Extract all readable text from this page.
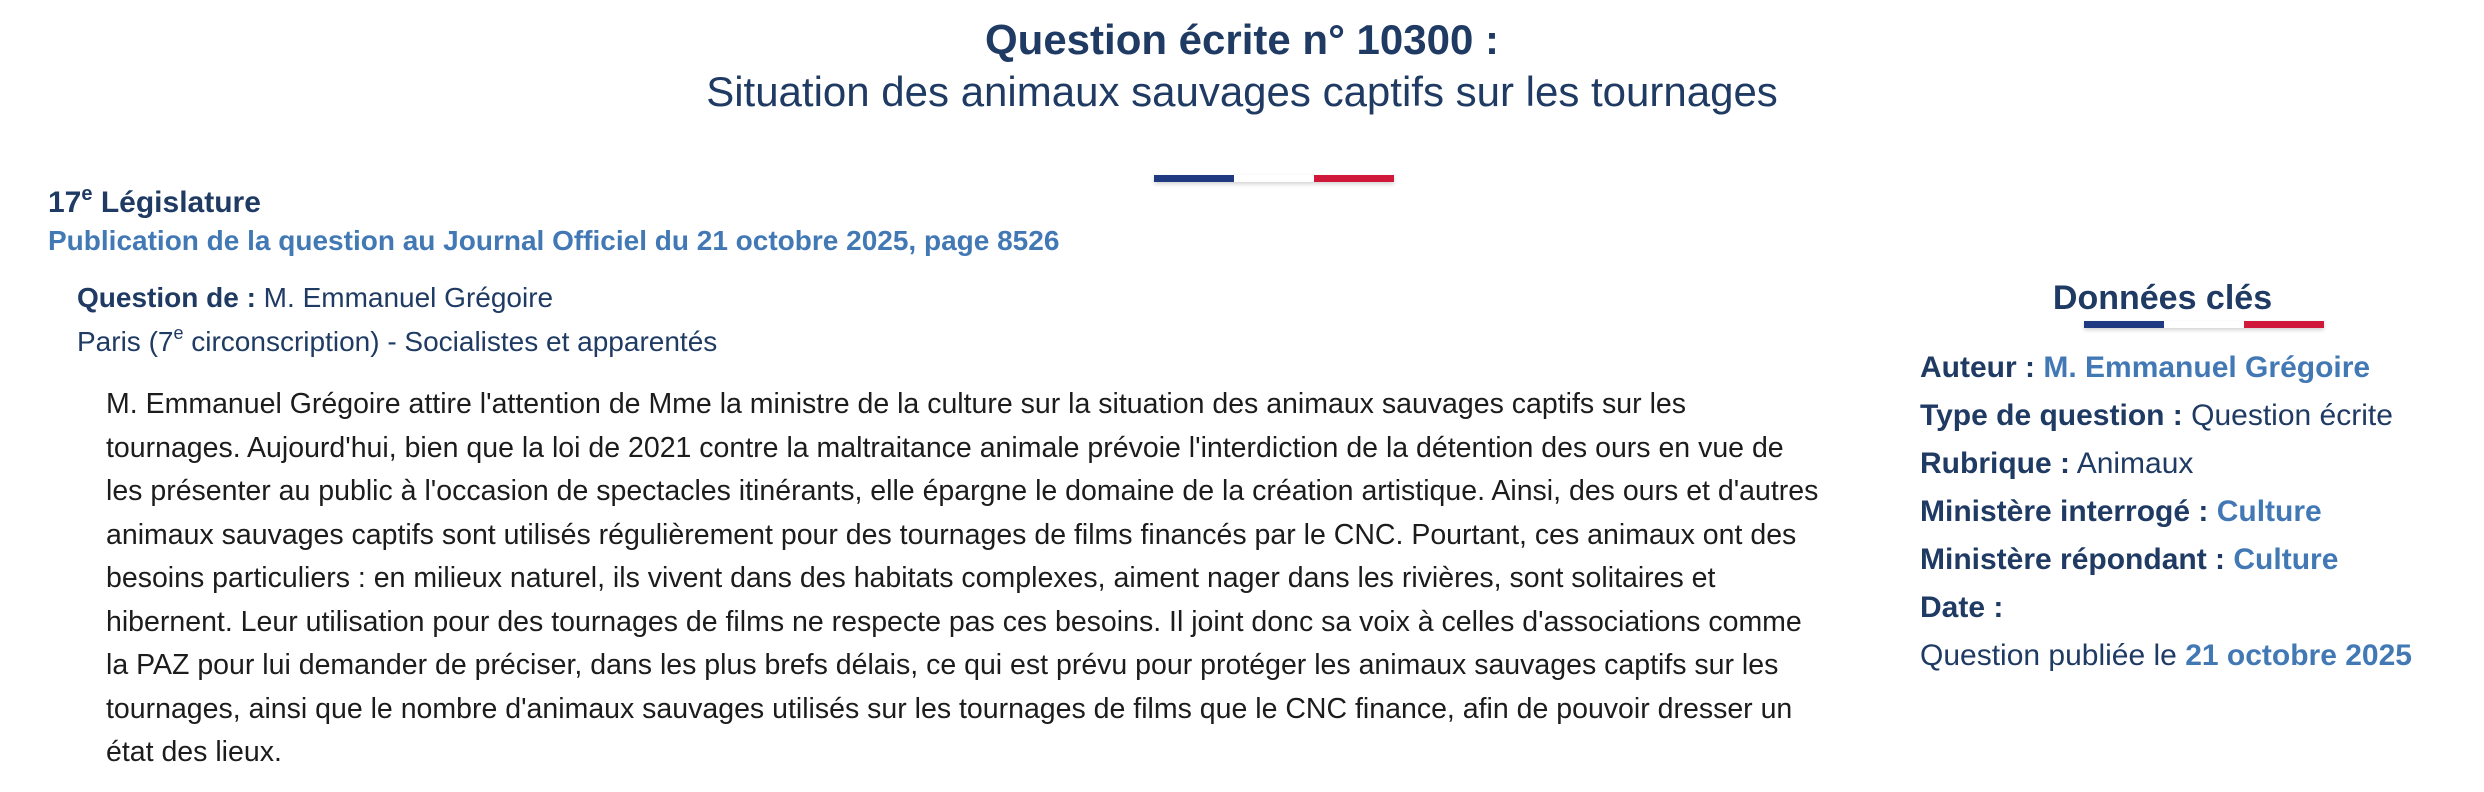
Question écrite n° 10300 :
Situation des animaux sauvages captifs sur les tournages
17e Législature
Publication de la question au Journal Officiel du 21 octobre 2025, page 8526
Question de : M. Emmanuel Grégoire
Paris (7e circonscription) - Socialistes et apparentés

M. Emmanuel Grégoire attire l'attention de Mme la ministre de la culture sur la situation des animaux sauvages captifs sur les tournages. Aujourd'hui, bien que la loi de 2021 contre la maltraitance animale prévoie l'interdiction de la détention des ours en vue de les présenter au public à l'occasion de spectacles itinérants, elle épargne le domaine de la création artistique. Ainsi, des ours et d'autres animaux sauvages captifs sont utilisés régulièrement pour des tournages de films financés par le CNC. Pourtant, ces animaux ont des besoins particuliers : en milieux naturel, ils vivent dans des habitats complexes, aiment nager dans les rivières, sont solitaires et hibernent. Leur utilisation pour des tournages de films ne respecte pas ces besoins. Il joint donc sa voix à celles d'associations comme la PAZ pour lui demander de préciser, dans les plus brefs délais, ce qui est prévu pour protéger les animaux sauvages captifs sur les tournages, ainsi que le nombre d'animaux sauvages utilisés sur les tournages de films que le CNC finance, afin de pouvoir dresser un état des lieux.

Données clés
Auteur : M. Emmanuel Grégoire
Type de question : Question écrite
Rubrique : Animaux
Ministère interrogé : Culture
Ministère répondant : Culture
Date :
Question publiée le 21 octobre 2025
